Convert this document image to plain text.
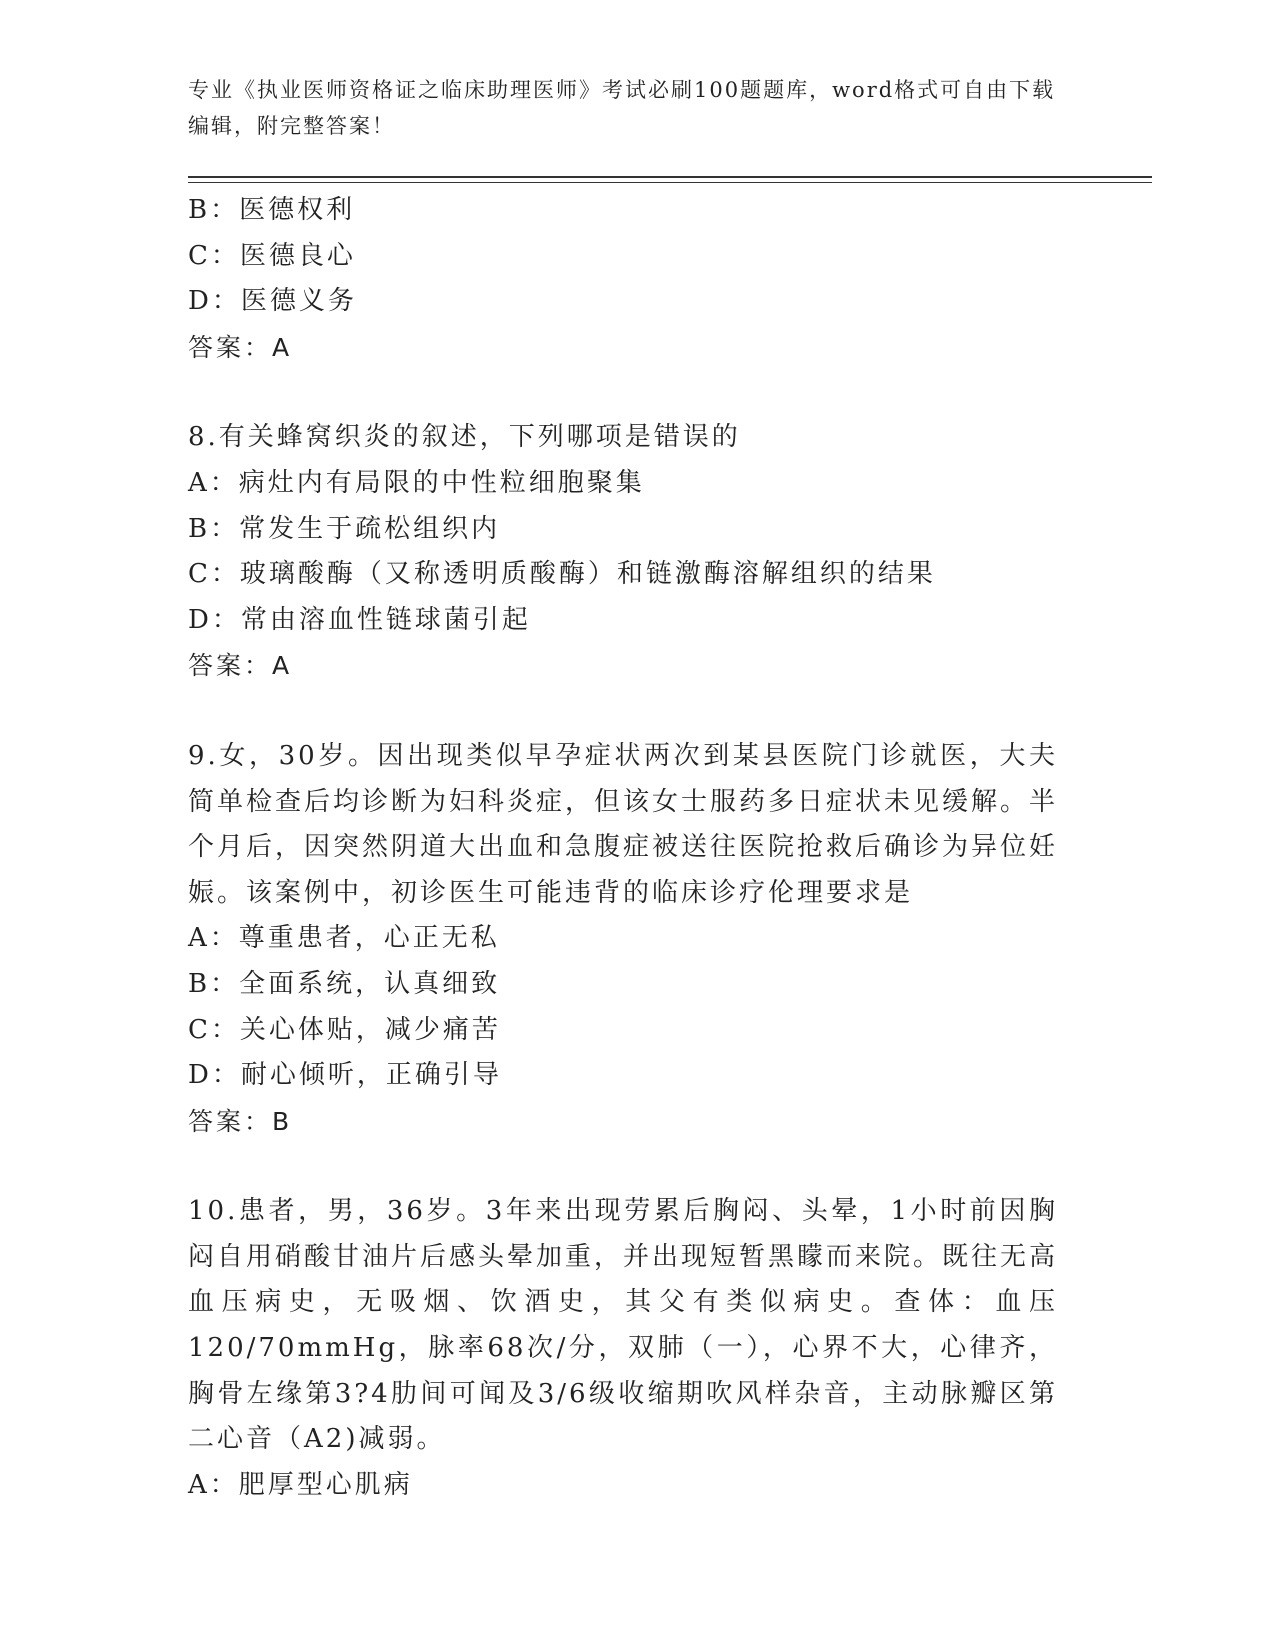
专业《执业医师资格证之临床助理医师》考试必刷100题题库，word格式可自由下载编辑，附完整答案！
B：医德权利
C：医德良心
D：医德义务
答案：A
8.有关蜂窝织炎的叙述，下列哪项是错误的
A：病灶内有局限的中性粒细胞聚集
B：常发生于疏松组织内
C：玻璃酸酶（又称透明质酸酶）和链激酶溶解组织的结果
D：常由溶血性链球菌引起
答案：A
9.女，30岁。因出现类似早孕症状两次到某县医院门诊就医，大夫简单检查后均诊断为妇科炎症，但该女士服药多日症状未见缓解。半个月后，因突然阴道大出血和急腹症被送往医院抢救后确诊为异位妊娠。该案例中，初诊医生可能违背的临床诊疗伦理要求是
A：尊重患者，心正无私
B：全面系统，认真细致
C：关心体贴，减少痛苦
D：耐心倾听，正确引导
答案：B
10.患者，男，36岁。3年来出现劳累后胸闷、头晕，1小时前因胸闷自用硝酸甘油片后感头晕加重，并出现短暂黑矇而来院。既往无高血压病史，无吸烟、饮酒史，其父有类似病史。查体：血压120/70mmHg，脉率68次/分，双肺（一），心界不大，心律齐，胸骨左缘第3?4肋间可闻及3/6级收缩期吹风样杂音，主动脉瓣区第二心音（A2)减弱。
A：肥厚型心肌病
